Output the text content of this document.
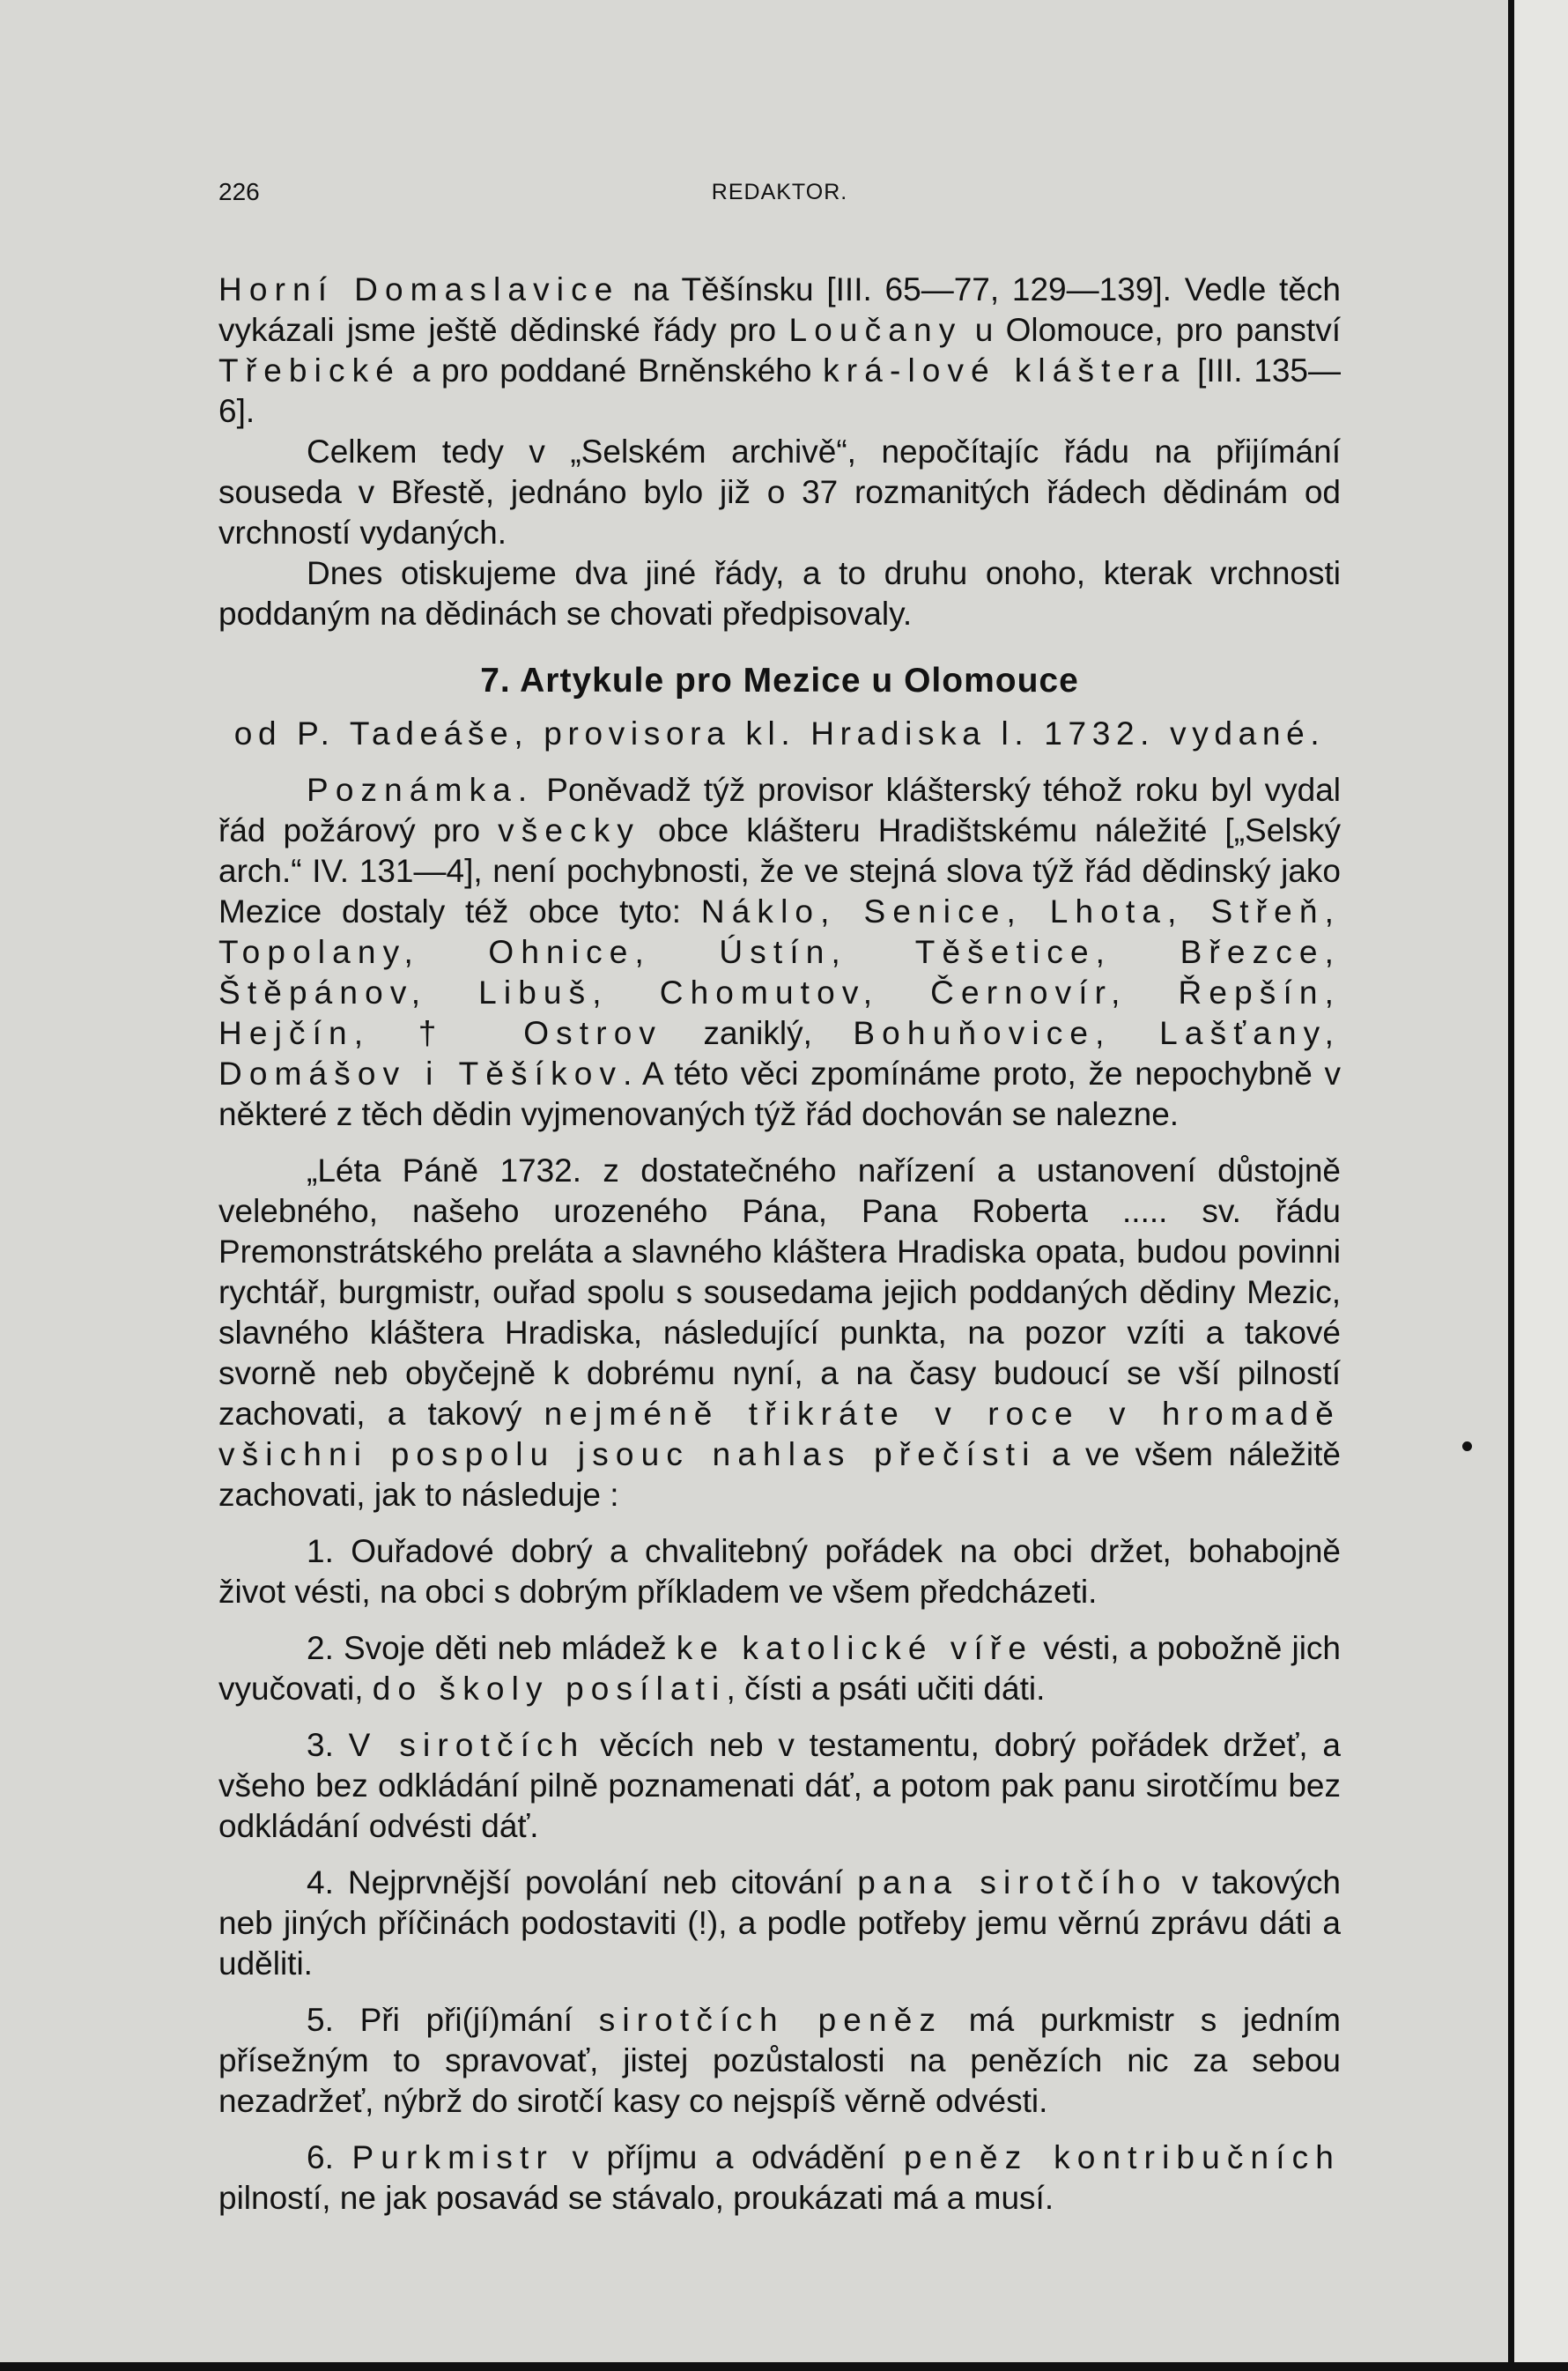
226	REDAKTOR.

Horní Domaslavice na Těšínsku [III. 65—77, 129—139]. Vedle těch vykázali jsme ještě dědinské řády pro Loučany u Olomouce, pro panství Třebické a pro poddané Brněnského krá-lové kláštera [III. 135—6].

Celkem tedy v „Selském archivě“, nepočítajíc řádu na přijímání souseda v Břestě, jednáno bylo již o 37 rozmanitých řádech dědinám od vrchností vydaných.

Dnes otiskujeme dva jiné řády, a to druhu onoho, kterak vrchnosti poddaným na dědinách se chovati předpisovaly.

7. Artykule pro Mezice u Olomouce
od P. Tadeáše, provisora kl. Hradiska l. 1732. vydané.

Poznámka. Poněvadž týž provisor klášterský téhož roku byl vydal řád požárový pro všecky obce klášteru Hradištskému náležité [„Selský arch.“ IV. 131—4], není pochybnosti, že ve stejná slova týž řád dědinský jako Mezice dostaly též obce tyto: Náklo, Senice, Lhota, Střeň, Topolany, Ohnice, Ústín, Těšetice, Březce, Štěpánov, Libuš, Chomutov, Černovír, Řepšín, Hejčín, † Ostrov zaniklý, Bohuňovice, Lašťany, Domášov i Těšíkov. A této věci zpomínáme proto, že nepochybně v některé z těch dědin vyjmenovaných týž řád dochován se nalezne.

„Léta Páně 1732. z dostatečného nařízení a ustanovení důstojně velebného, našeho urozeného Pána, Pana Roberta ..... sv. řádu Premonstrátského preláta a slavného kláštera Hradiska opata, budou povinni rychtář, burgmistr, ouřad spolu s sousedama jejich poddaných dědiny Mezic, slavného kláštera Hradiska, následující punkta, na pozor vzíti a takové svorně neb obyčejně k dobrému nyní, a na časy budoucí se vší pilností zachovati, a takový nejméně třikráte v roce v hromadě všichni pospolu jsouc nahlas přečísti a ve všem náležitě zachovati, jak to následuje :

1. Ouřadové dobrý a chvalitebný pořádek na obci držet, bohabojně život vésti, na obci s dobrým příkladem ve všem předcházeti.

2. Svoje děti neb mládež ke katolické víře vésti, a pobožně jich vyučovati, do školy posílati, čísti a psáti učiti dáti.

3. V sirotčích věcích neb v testamentu, dobrý pořádek držeť, a všeho bez odkládání pilně poznamenati dáť, a potom pak panu sirotčímu bez odkládání odvésti dáť.

4. Nejprvnější povolání neb citování pana sirotčího v takových neb jiných příčinách podostaviti (!), a podle potřeby jemu věrnú zprávu dáti a uděliti.

5. Při při(jí)mání sirotčích peněz má purkmistr s jedním přísežným to spravovať, jistej pozůstalosti na penězích nic za sebou nezadržeť, nýbrž do sirotčí kasy co nejspíš věrně odvésti.

6. Purkmistr v příjmu a odvádění peněz kontribučních pilností, ne jak posavád se stávalo, proukázati má a musí.
